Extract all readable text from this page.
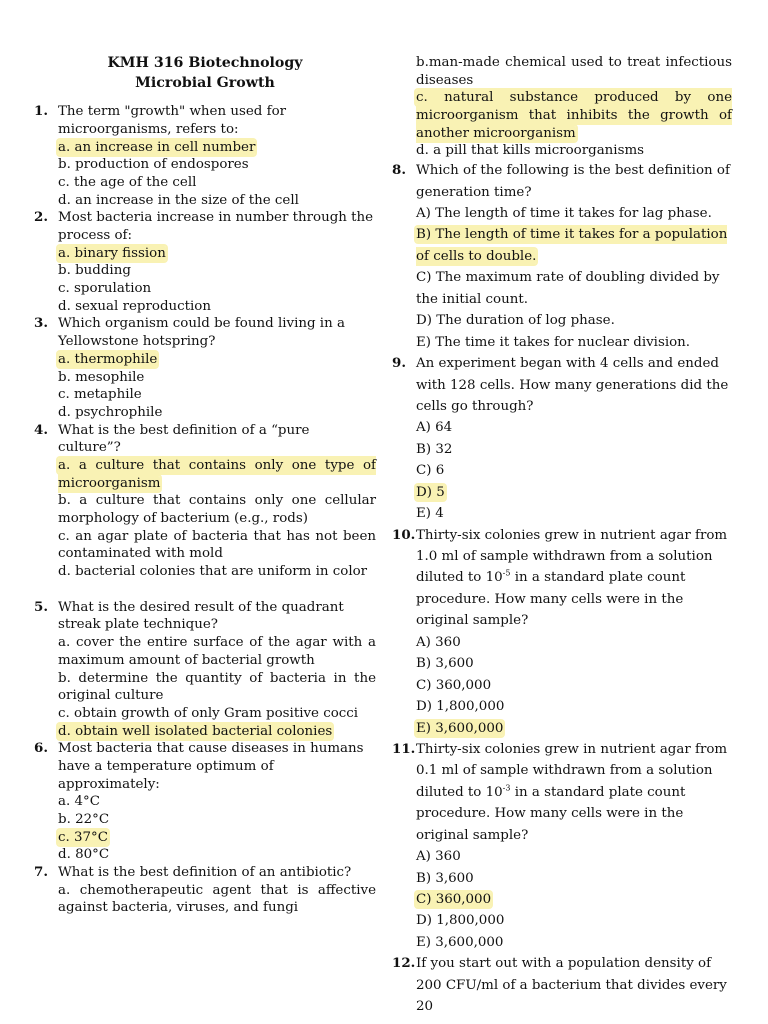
KMH 316 Biotechnology
Microbial Growth
1. The term "growth" when used for microorganisms, refers to:
a. an increase in cell number
b. production of endospores
c. the age of the cell
d. an increase in the size of the cell
2. Most bacteria increase in number through the process of:
a. binary fission
b. budding
c. sporulation
d. sexual reproduction
3. Which organism could be found living in a Yellowstone hotspring?
a. thermophile
b. mesophile
c. metaphile
d. psychrophile
4. What is the best definition of a “pure culture”?
a. a culture that contains only one type of microorganism
b. a culture that contains only one cellular morphology of bacterium (e.g., rods)
c. an agar plate of bacteria that has not been contaminated with mold
d. bacterial colonies that are uniform in color
5. What is the desired result of the quadrant streak plate technique?
a. cover the entire surface of the agar with a maximum amount of bacterial growth
b. determine the quantity of bacteria in the original culture
c. obtain growth of only Gram positive cocci
d. obtain well isolated bacterial colonies
6. Most bacteria that cause diseases in humans have a temperature optimum of approximately:
a. 4°C
b. 22°C
c. 37°C
d. 80°C
7. What is the best definition of an antibiotic?
a. chemotherapeutic agent that is affective against bacteria, viruses, and fungi
b.man-made chemical used to treat infectious diseases
c. natural substance produced by one microorganism that inhibits the growth of another microorganism
d. a pill that kills microorganisms
8. Which of the following is the best definition of generation time?
A) The length of time it takes for lag phase.
B) The length of time it takes for a population of cells to double.
C) The maximum rate of doubling divided by the initial count.
D) The duration of log phase.
E) The time it takes for nuclear division.
9. An experiment began with 4 cells and ended with 128 cells. How many generations did the cells go through?
A) 64
B) 32
C) 6
D) 5
E) 4
10. Thirty-six colonies grew in nutrient agar from 1.0 ml of sample withdrawn from a solution diluted to $10^{-5}$ in a standard plate count procedure. How many cells were in the original sample?
A) 360
B) 3,600
C) 360,000
D) 1,800,000
E) 3,600,000
11. Thirty-six colonies grew in nutrient agar from 0.1 ml of sample withdrawn from a solution diluted to $10^{-3}$ in a standard plate count procedure. How many cells were in the original sample?
A) 360
B) 3,600
C) 360,000
D) 1,800,000
E) 3,600,000
12. If you start out with a population density of 200 CFU/ml of a bacterium that divides every 20
